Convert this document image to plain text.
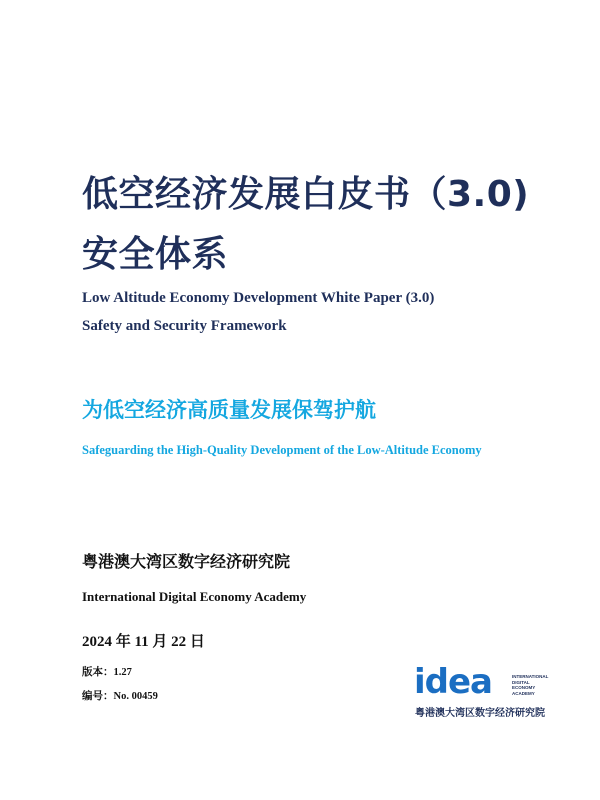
低空经济发展白皮书（3.0)
安全体系
Low Altitude Economy Development White Paper (3.0)
Safety and Security Framework
为低空经济高质量发展保驾护航
Safeguarding the High-Quality Development of the Low-Altitude Economy
粤港澳大湾区数字经济研究院
International Digital Economy Academy
2024 年 11 月 22 日
版本：1.27
编号：No. 00459	idea	INTERNATIONAL
DIGITAL
ECONOMY
ACADEMY
粤港澳大湾区数字经济研究院
